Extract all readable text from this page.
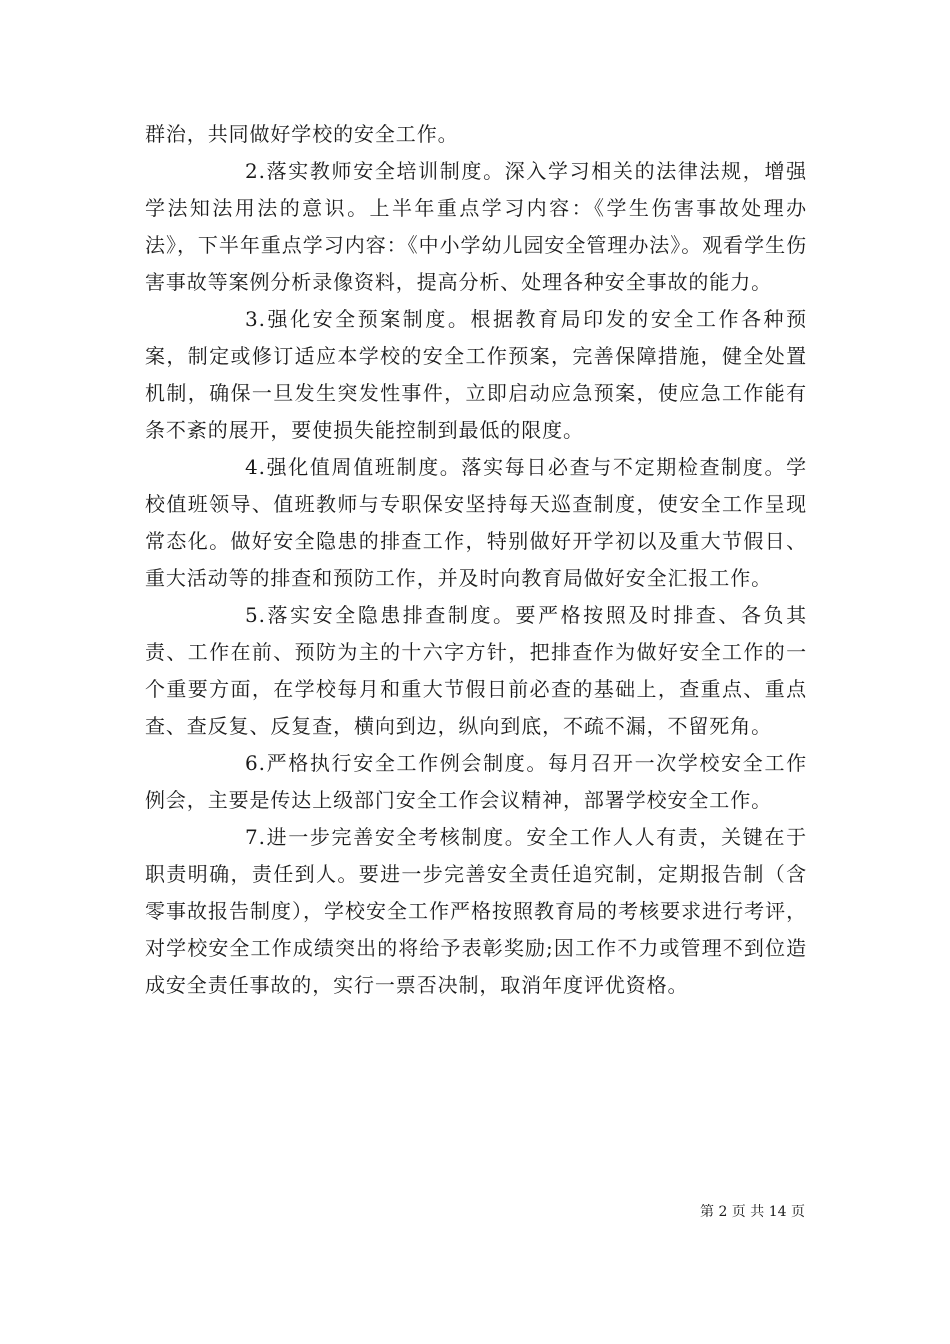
群治，共同做好学校的安全工作。

2.落实教师安全培训制度。深入学习相关的法律法规，增强学法知法用法的意识。上半年重点学习内容：《学生伤害事故处理办法》，下半年重点学习内容：《中小学幼儿园安全管理办法》。观看学生伤害事故等案例分析录像资料，提高分析、处理各种安全事故的能力。

3.强化安全预案制度。根据教育局印发的安全工作各种预案，制定或修订适应本学校的安全工作预案，完善保障措施，健全处置机制，确保一旦发生突发性事件，立即启动应急预案，使应急工作能有条不紊的展开，要使损失能控制到最低的限度。

4.强化值周值班制度。落实每日必查与不定期检查制度。学校值班领导、值班教师与专职保安坚持每天巡查制度，使安全工作呈现常态化。做好安全隐患的排查工作，特别做好开学初以及重大节假日、重大活动等的排查和预防工作，并及时向教育局做好安全汇报工作。

5.落实安全隐患排查制度。要严格按照及时排查、各负其责、工作在前、预防为主的十六字方针，把排查作为做好安全工作的一个重要方面，在学校每月和重大节假日前必查的基础上，查重点、重点查、查反复、反复查，横向到边，纵向到底，不疏不漏，不留死角。

6.严格执行安全工作例会制度。每月召开一次学校安全工作例会，主要是传达上级部门安全工作会议精神，部署学校安全工作。

7.进一步完善安全考核制度。安全工作人人有责，关键在于职责明确，责任到人。要进一步完善安全责任追究制，定期报告制（含零事故报告制度），学校安全工作严格按照教育局的考核要求进行考评，对学校安全工作成绩突出的将给予表彰奖励;因工作不力或管理不到位造成安全责任事故的，实行一票否决制，取消年度评优资格。

第 2 页 共 14 页
